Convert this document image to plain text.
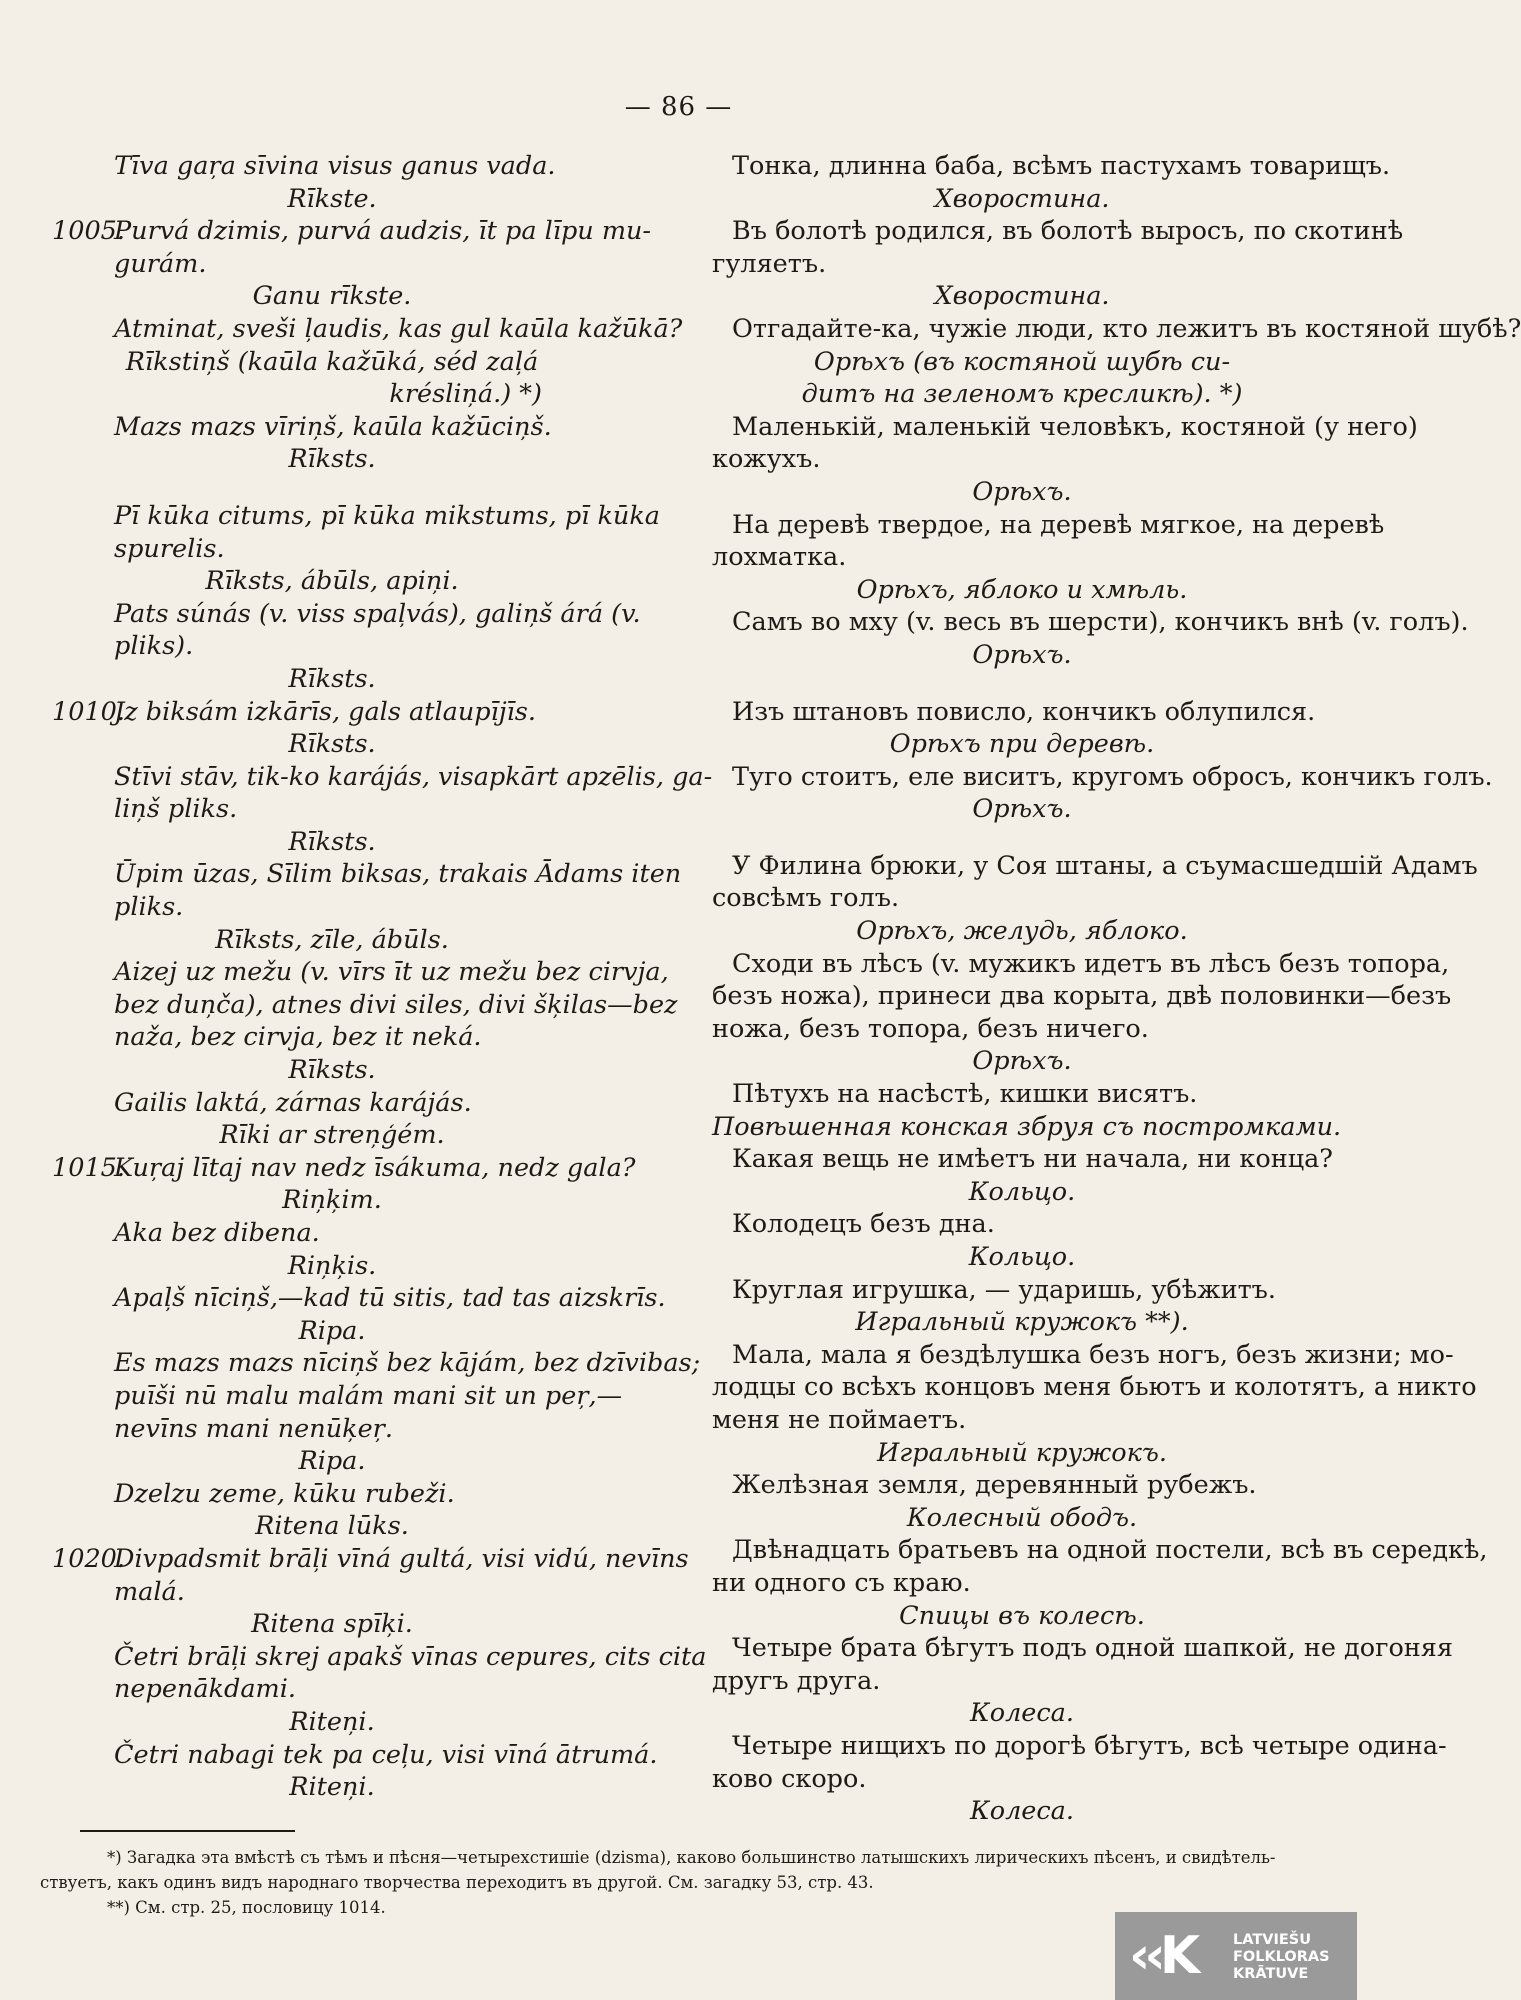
— 86 —

Tīva gaŗa sīvina visus ganus vada.

Rīkste.

1005.Purvá dzimis, purvá audzis, īt pa līpu mu-

gurám.

Ganu rīkste.

Atminat, sveši ļaudis, kas gul kaūla kažūkā?

Rīkstiņš (kaūla kažūká, séd zaļá

krésliņá.) *)

Mazs mazs vīriņš, kaūla kažūciņš.

Rīksts.

Pī kūka citums, pī kūka mikstums, pī kūka

spurelis.

Rīksts, ábūls, apiņi.

Pats súnás (v. viss spaļvás), galiņš árá (v.

pliks).

Rīksts.

1010.Jz biksám izkārīs, gals atlaupījīs.

Rīksts.

Stīvi stāv, tik-ko karájás, visapkārt apzēlis, ga-

liņš pliks.

Rīksts.

Ūpim ūzas, Sīlim biksas, trakais Ādams iten

pliks.

Rīksts, zīle, ábūls.

Aizej uz mežu (v. vīrs īt uz mežu bez cirvja,

bez duņča), atnes divi siles, divi šķilas—bez

naža, bez cirvja, bez it neká.

Rīksts.

Gailis laktá, zárnas karájás.

Rīki ar streņģém.

1015.Kuŗaj lītaj nav nedz īsákuma, nedz gala?

Riņķim.

Aka bez dibena.

Riņķis.

Apaļš nīciņš,—kad tū sitis, tad tas aizskrīs.

Ripa.

Es mazs mazs nīciņš bez kājám, bez dzīvibas;

puīši nū malu malám mani sit un peŗ,—

nevīns mani nenūķeŗ.

Ripa.

Dzelzu zeme, kūku rubeži.

Ritena lūks.

1020.Divpadsmit brāļi vīná gultá, visi vidú, nevīns

malá.

Ritena spīķi.

Četri brāļi skrej apakš vīnas cepures, cits cita

nepenākdami.

Riteņi.

Četri nabagi tek pa ceļu, visi vīná ātrumá.

Riteņi.

Тонка, длинна баба, всѣмъ пастухамъ товарищъ.

Хворостина.

Въ болотѣ родился, въ болотѣ выросъ, по скотинѣ

гуляетъ.

Хворостина.

Отгадайте-ка, чужіе люди, кто лежитъ въ костяной шубѣ?

Орѣхъ (въ костяной шубѣ си-

дитъ на зеленомъ кресликѣ). *)

Маленькій, маленькій человѣкъ, костяной (у него)

кожухъ.

Орѣхъ.

На деревѣ твердое, на деревѣ мягкое, на деревѣ

лохматка.

Орѣхъ, яблоко и хмѣль.

Самъ во мху (v. весь въ шерсти), кончикъ внѣ (v. голъ).

Орѣхъ.

Изъ штановъ повисло, кончикъ облупился.

Орѣхъ при деревѣ.

Туго стоитъ, еле виситъ, кругомъ обросъ, кончикъ голъ.

Орѣхъ.

У Филина брюки, у Соя штаны, а съумасшедшій Адамъ

совсѣмъ голъ.

Орѣхъ, желудь, яблоко.

Сходи въ лѣсъ (v. мужикъ идетъ въ лѣсъ безъ топора,

безъ ножа), принеси два корыта, двѣ половинки—безъ

ножа, безъ топора, безъ ничего.

Орѣхъ.

Пѣтухъ на насѣстѣ, кишки висятъ.

Повѣшенная конская збруя съ постромками.

Какая вещь не имѣетъ ни начала, ни конца?

Кольцо.

Колодецъ безъ дна.

Кольцо.

Круглая игрушка, — ударишь, убѣжитъ.

Игральный кружокъ **).

Мала, мала я бездѣлушка безъ ногъ, безъ жизни; мо-

лодцы со всѣхъ концовъ меня бьютъ и колотятъ, а никто

меня не поймаетъ.

Игральный кружокъ.

Желѣзная земля, деревянный рубежъ.

Колесный ободъ.

Двѣнадцать братьевъ на одной постели, всѣ въ середкѣ,

ни одного съ краю.

Спицы въ колесѣ.

Четыре брата бѣгутъ подъ одной шапкой, не догоняя

другъ друга.

Колеса.

Четыре нищихъ по дорогѣ бѣгутъ, всѣ четыре одина-

ково скоро.

Колеса.

*) Загадка эта вмѣстѣ съ тѣмъ и пѣсня—четырехстишіе (dzisma), каково большинство латышскихъ лирическихъ пѣсенъ, и свидѣтель-

ствуетъ, какъ одинъ видъ народнаго творчества переходитъ въ другой. См. загадку 53, стр. 43.

**) См. стр. 25, пословицу 1014.

‹‹K	LATVIEŠU
FOLKLORAS
KRĀTUVE
